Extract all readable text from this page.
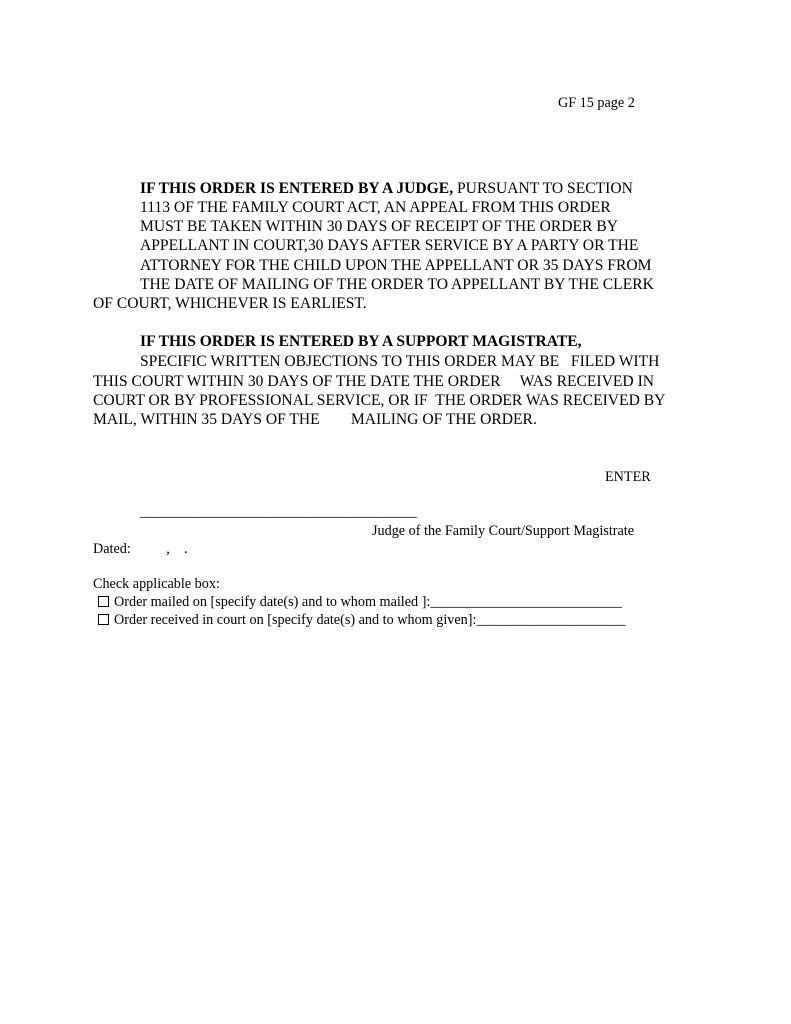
GF 15 page 2
IF THIS ORDER IS ENTERED BY A JUDGE, PURSUANT TO SECTION
1113 OF THE FAMILY COURT ACT, AN APPEAL FROM THIS ORDER
MUST BE TAKEN WITHIN 30 DAYS OF RECEIPT OF THE ORDER BY
APPELLANT IN COURT,30 DAYS AFTER SERVICE BY A PARTY OR THE
ATTORNEY FOR THE CHILD UPON THE APPELLANT OR 35 DAYS FROM
THE DATE OF MAILING OF THE ORDER TO APPELLANT BY THE CLERK
OF COURT, WHICHEVER IS EARLIEST.
IF THIS ORDER IS ENTERED BY A SUPPORT MAGISTRATE,
SPECIFIC WRITTEN OBJECTIONS TO THIS ORDER MAY BE   FILED WITH
THIS COURT WITHIN 30 DAYS OF THE DATE THE ORDER     WAS RECEIVED IN
COURT OR BY PROFESSIONAL SERVICE, OR IF  THE ORDER WAS RECEIVED BY
MAIL, WITHIN 35 DAYS OF THE        MAILING OF THE ORDER.
ENTER
_______________________________________
Judge of the Family Court/Support Magistrate
Dated:          ,    .
Check applicable box:
Order mailed on [specify date(s) and to whom mailed ]:___________________________
Order received in court on [specify date(s) and to whom given]:_____________________
